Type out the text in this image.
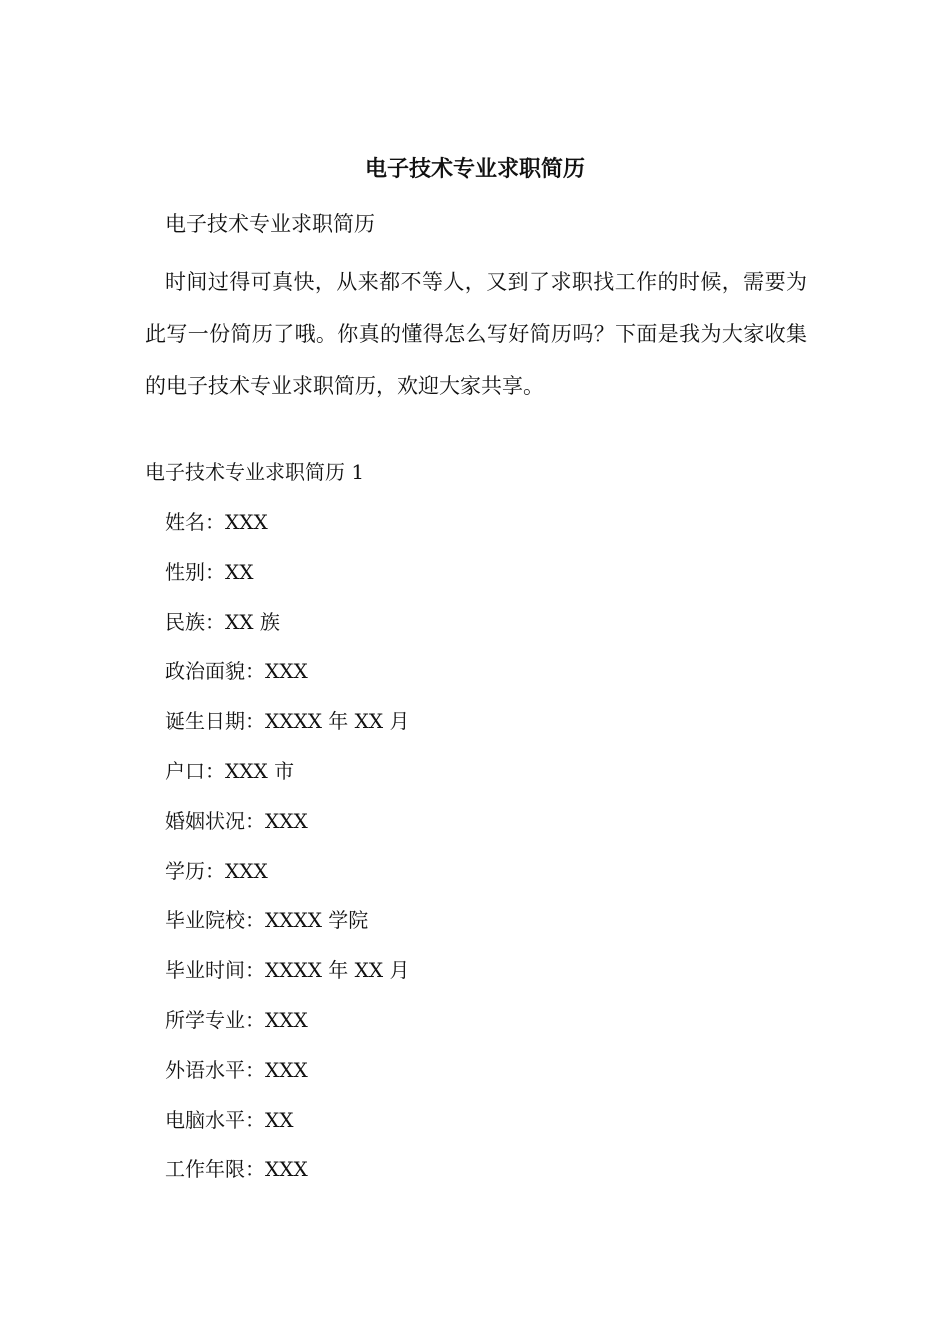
电子技术专业求职简历
电子技术专业求职简历

时间过得可真快，从来都不等人，又到了求职找工作的时候，需要为此写一份简历了哦。你真的懂得怎么写好简历吗？下面是我为大家收集的电子技术专业求职简历，欢迎大家共享。

电子技术专业求职简历 1
姓名：XXX
性别：XX
民族：XX 族
政治面貌：XXX
诞生日期：XXXX 年 XX 月
户口：XXX 市
婚姻状况：XXX
学历：XXX
毕业院校：XXXX 学院
毕业时间：XXXX 年 XX 月
所学专业：XXX
外语水平：XXX
电脑水平：XX
工作年限：XXX
